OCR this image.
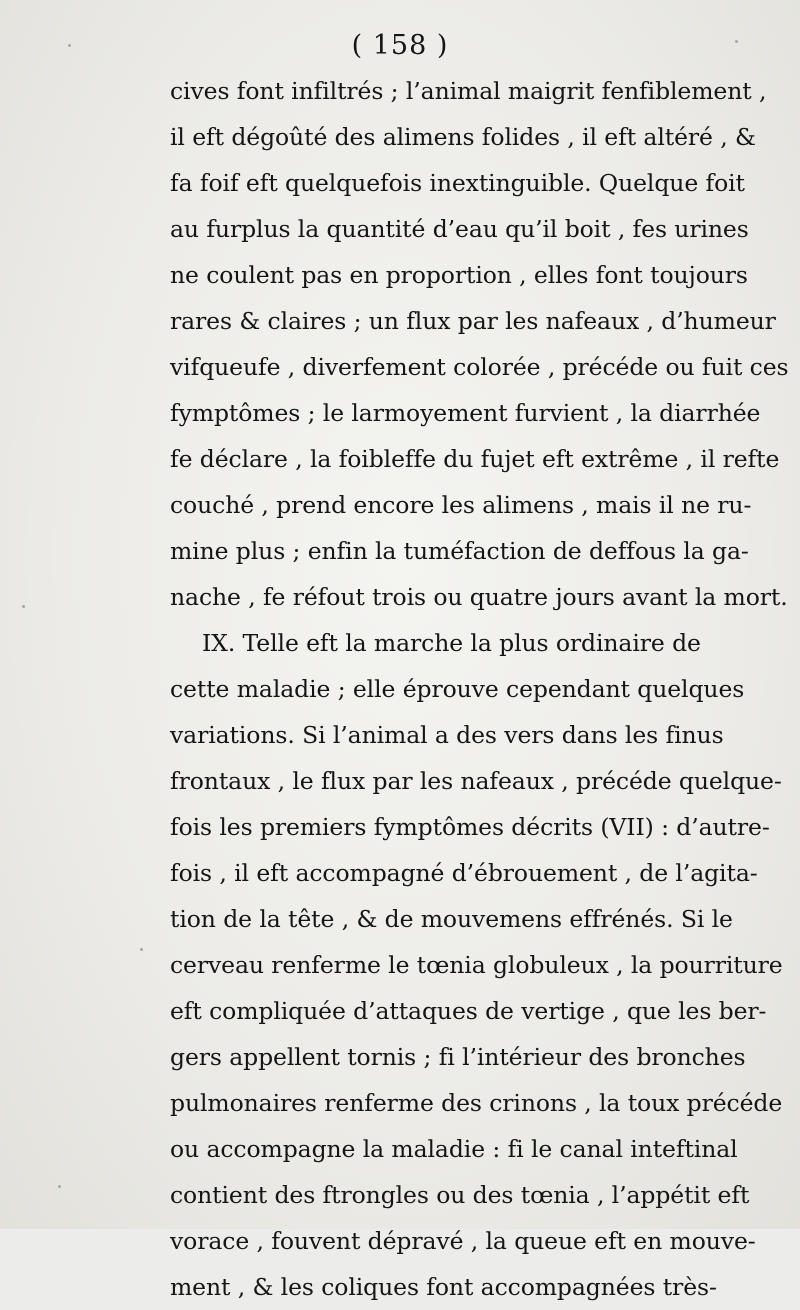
( 158 )
cives font infiltrés ; l’animal maigrit fenfiblement ,
il eft dégoûté des alimens folides , il eft altéré , &
fa foif eft quelquefois inextinguible. Quelque foit
au furplus la quantité d’eau qu’il boit , fes urines
ne coulent pas en proportion , elles font toujours
rares & claires ; un flux par les nafeaux , d’humeur
vifqueufe , diverfement colorée , précéde ou fuit ces
fymptômes ; le larmoyement furvient , la diarrhée
fe déclare , la foibleffe du fujet eft extrême , il refte
couché , prend encore les alimens , mais il ne ru-
mine plus ; enfin la tuméfaction de deffous la ga-
nache , fe réfout trois ou quatre jours avant la mort.
IX. Telle eft la marche la plus ordinaire de
cette maladie ; elle éprouve cependant quelques
variations. Si l’animal a des vers dans les finus
frontaux , le flux par les nafeaux , précéde quelque-
fois les premiers fymptômes décrits (VII) : d’autre-
fois , il eft accompagné d’ébrouement , de l’agita-
tion de la tête , & de mouvemens effrénés. Si le
cerveau renferme le tœnia globuleux , la pourriture
eft compliquée d’attaques de vertige , que les ber-
gers appellent tornis ; fi l’intérieur des bronches
pulmonaires renferme des crinons , la toux précéde
ou accompagne la maladie : fi le canal inteftinal
contient des ftrongles ou des tœnia , l’appétit eft
vorace , fouvent dépravé , la queue eft en mouve-
ment , & les coliques font accompagnées très-
